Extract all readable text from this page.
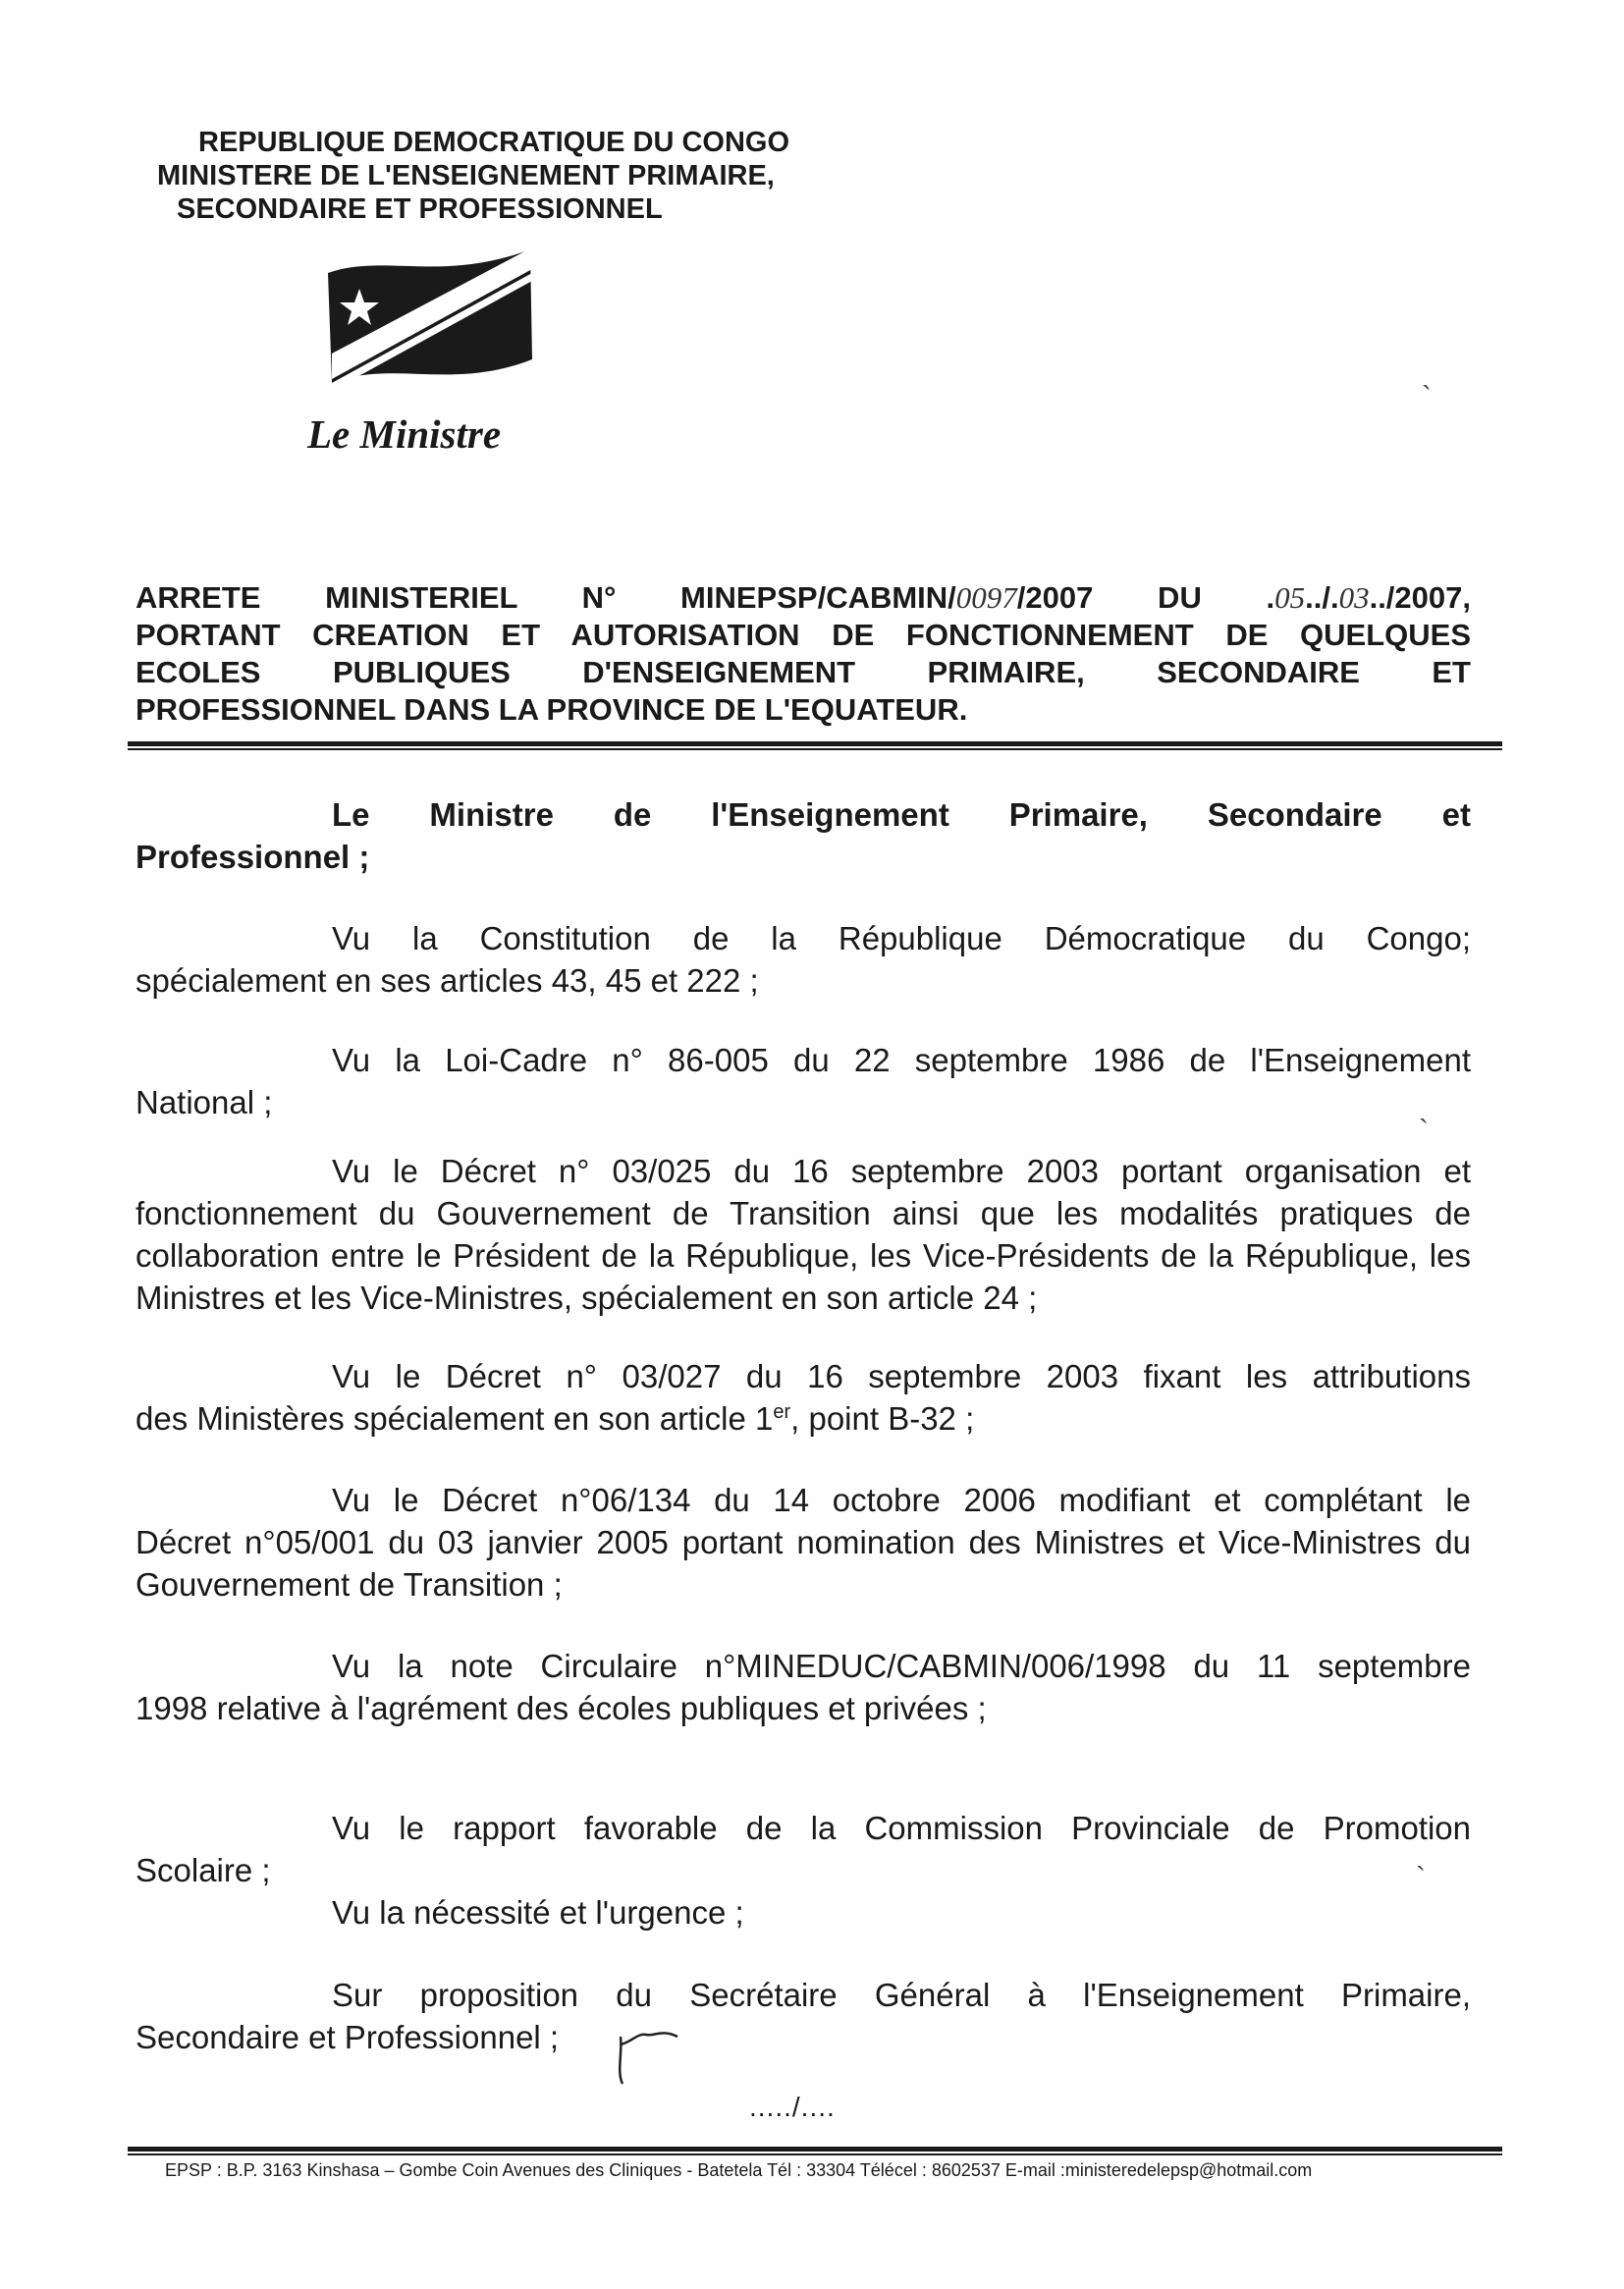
REPUBLIQUE DEMOCRATIQUE DU CONGO
MINISTERE DE L'ENSEIGNEMENT PRIMAIRE,
SECONDAIRE ET PROFESSIONNEL
Le Ministre
`
ARRETE MINISTERIEL N° MINEPSP/CABMIN/0097/2007 DU .05../.03../2007,
PORTANT CREATION ET AUTORISATION DE FONCTIONNEMENT DE QUELQUES
ECOLES PUBLIQUES D'ENSEIGNEMENT PRIMAIRE, SECONDAIRE ET
PROFESSIONNEL DANS LA PROVINCE DE L'EQUATEUR.
Le Ministre de l'Enseignement Primaire, Secondaire et
Professionnel ;
Vu la Constitution de la République Démocratique du Congo;
spécialement en ses articles 43, 45 et 222 ;
Vu la Loi-Cadre n° 86-005 du 22 septembre 1986 de l'Enseignement
National ;
`
Vu le Décret n° 03/025 du 16 septembre 2003 portant organisation et
fonctionnement du Gouvernement de Transition ainsi que les modalités pratiques de collaboration entre le Président de la République, les Vice-Présidents de la République, les Ministres et les Vice-Ministres, spécialement en son article 24 ;
Vu le Décret n° 03/027 du 16 septembre 2003 fixant les attributions
des Ministères spécialement en son article 1er, point B-32 ;
Vu le Décret n°06/134 du 14 octobre 2006 modifiant et complétant le
Décret n°05/001 du 03 janvier 2005 portant nomination des Ministres et Vice-Ministres du Gouvernement de Transition ;
Vu la note Circulaire n°MINEDUC/CABMIN/006/1998 du 11 septembre
1998 relative à l'agrément des écoles publiques et privées ;
Vu le rapport favorable de la Commission Provinciale de Promotion
Scolaire ;	`
Vu la nécessité et l'urgence ;
Sur proposition du Secrétaire Général à l'Enseignement Primaire,
Secondaire et Professionnel ;
...../....
EPSP : B.P. 3163 Kinshasa – Gombe Coin Avenues des Cliniques - Batetela Tél : 33304 Télécel : 8602537 E-mail :ministeredelepsp@hotmail.com
